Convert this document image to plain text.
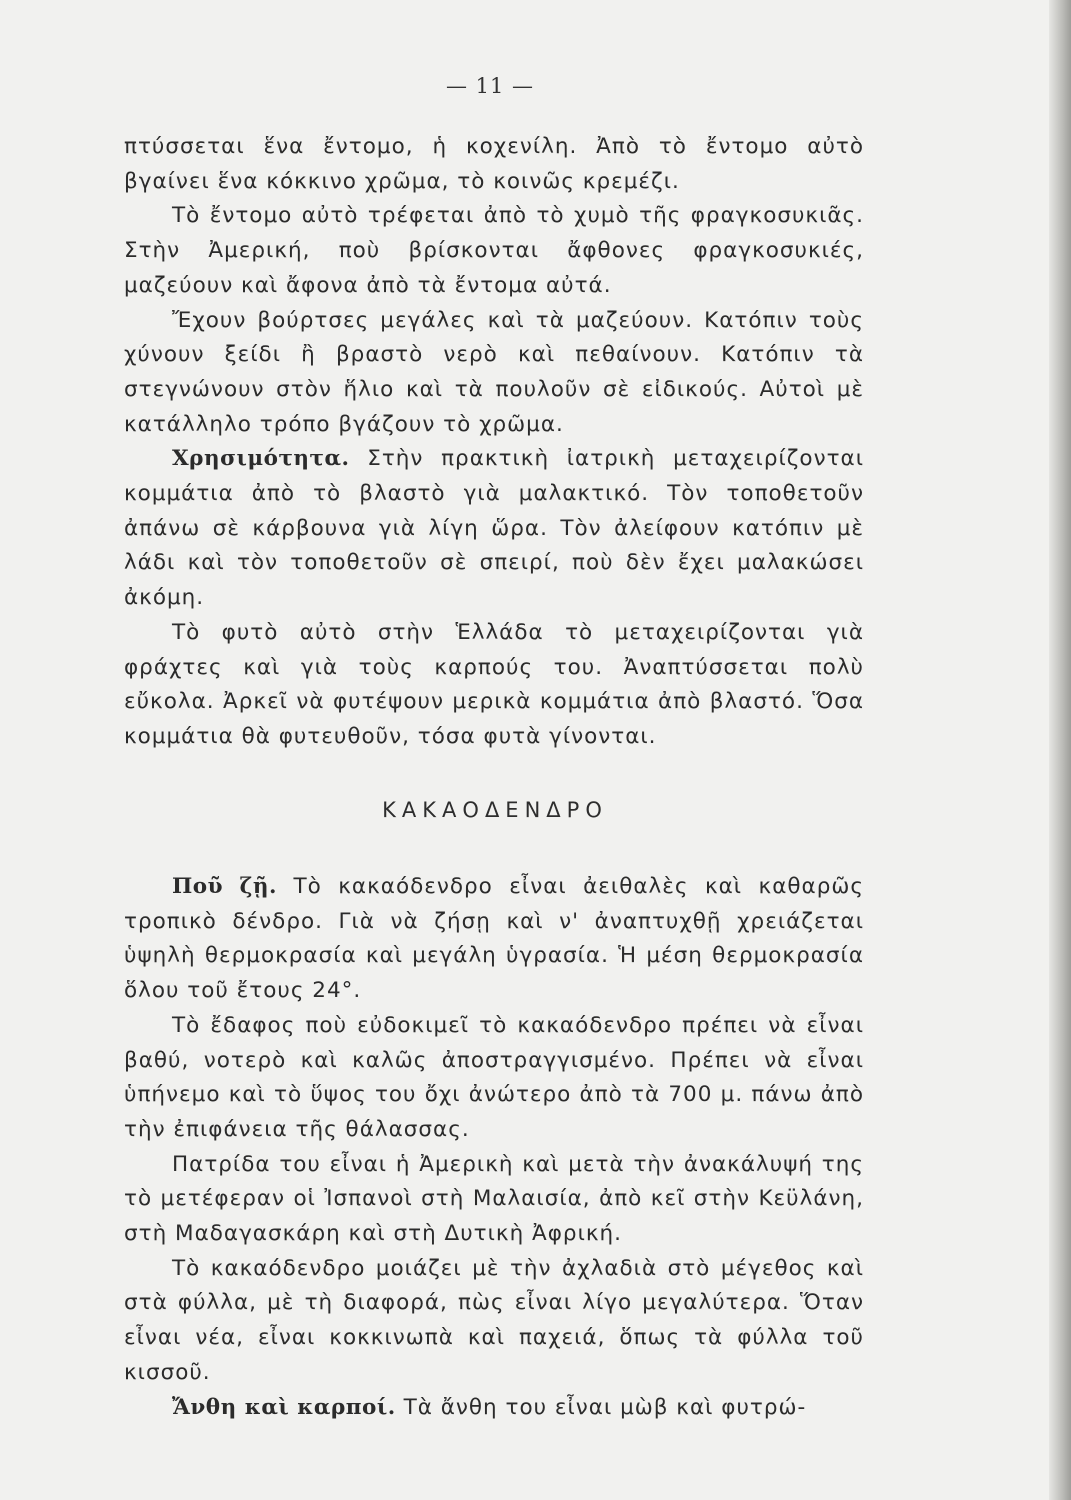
— 11 —

πτύσσεται ἕνα ἔντομο, ἡ κοχενίλη. Ἀπὸ τὸ ἔντομο αὐτὸ βγαίνει ἕνα κόκκινο χρῶμα, τὸ κοινῶς κρεμέζι.

Τὸ ἔντομο αὐτὸ τρέφεται ἀπὸ τὸ χυμὸ τῆς φραγκοσυκιᾶς. Στὴν Ἀμερική, ποὺ βρίσκονται ἄφθονες φραγκοσυκιές, μαζεύουν καὶ ἄφονα ἀπὸ τὰ ἔντομα αὐτά.

Ἔχουν βούρτσες μεγάλες καὶ τὰ μαζεύουν. Κατόπιν τοὺς χύνουν ξείδι ἢ βραστὸ νερὸ καὶ πεθαίνουν. Κατόπιν τὰ στεγνώνουν στὸν ἥλιο καὶ τὰ πουλοῦν σὲ εἰδικούς. Αὐτοὶ μὲ κατάλληλο τρόπο βγάζουν τὸ χρῶμα.

Χρησιμότητα. Στὴν πρακτικὴ ἰατρικὴ μεταχειρίζονται κομμάτια ἀπὸ τὸ βλαστὸ γιὰ μαλακτικό. Τὸν τοποθετοῦν ἀπάνω σὲ κάρβουνα γιὰ λίγη ὥρα. Τὸν ἀλείφουν κατόπιν μὲ λάδι καὶ τὸν τοποθετοῦν σὲ σπειρί, ποὺ δὲν ἔχει μαλακώσει ἀκόμη.

Τὸ φυτὸ αὐτὸ στὴν Ἑλλάδα τὸ μεταχειρίζονται γιὰ φράχτες καὶ γιὰ τοὺς καρπούς του. Ἀναπτύσσεται πολὺ εὔκολα. Ἀρκεῖ νὰ φυτέψουν μερικὰ κομμάτια ἀπὸ βλαστό. Ὅσα κομμάτια θὰ φυτευθοῦν, τόσα φυτὰ γίνονται.

ΚΑΚΑΟΔΕΝΔΡΟ

Ποῦ ζῇ. Τὸ κακαόδενδρο εἶναι ἀειθαλὲς καὶ καθαρῶς τροπικὸ δένδρο. Γιὰ νὰ ζήσῃ καὶ ν' ἀναπτυχθῇ χρειάζεται ὑψηλὴ θερμοκρασία καὶ μεγάλη ὑγρασία. Ἡ μέση θερμοκρασία ὅλου τοῦ ἔτους 24°.

Τὸ ἔδαφος ποὺ εὐδοκιμεῖ τὸ κακαόδενδρο πρέπει νὰ εἶναι βαθύ, νοτερὸ καὶ καλῶς ἀποστραγγισμένο. Πρέπει νὰ εἶναι ὑπήνεμο καὶ τὸ ὕψος του ὄχι ἀνώτερο ἀπὸ τὰ 700 μ. πάνω ἀπὸ τὴν ἐπιφάνεια τῆς θάλασσας.

Πατρίδα του εἶναι ἡ Ἀμερικὴ καὶ μετὰ τὴν ἀνακάλυψή της τὸ μετέφεραν οἱ Ἰσπανοὶ στὴ Μαλαισία, ἀπὸ κεῖ στὴν Κεϋλάνη, στὴ Μαδαγασκάρη καὶ στὴ Δυτικὴ Ἀφρική.

Τὸ κακαόδενδρο μοιάζει μὲ τὴν ἀχλαδιὰ στὸ μέγεθος καὶ στὰ φύλλα, μὲ τὴ διαφορά, πὼς εἶναι λίγο μεγαλύτερα. Ὅταν εἶναι νέα, εἶναι κοκκινωπὰ καὶ παχειά, ὅπως τὰ φύλλα τοῦ κισσοῦ.

Ἄνθη καὶ καρποί. Τὰ ἄνθη του εἶναι μὼβ καὶ φυτρώ-
